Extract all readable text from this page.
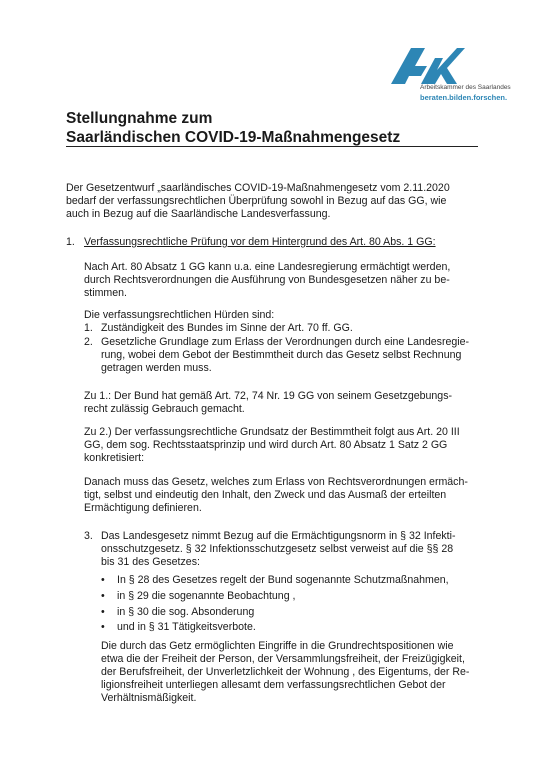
Arbeitskammer des Saarlandes
beraten.bilden.forschen.
Stellungnahme zum
Saarländischen COVID-19-Maßnahmengesetz
Der Gesetzentwurf „saarländisches COVID-19-Maßnahmengesetz vom 2.11.2020
bedarf der verfassungsrechtlichen Überprüfung sowohl in Bezug auf das GG, wie
auch in Bezug auf die Saarländische Landesverfassung.
1. Verfassungsrechtliche Prüfung vor dem Hintergrund des Art. 80 Abs. 1 GG:
Nach Art. 80 Absatz 1 GG kann u.a. eine Landesregierung ermächtigt werden,
durch Rechtsverordnungen die Ausführung von Bundesgesetzen näher zu be-
stimmen.
Die verfassungsrechtlichen Hürden sind:
1. Zuständigkeit des Bundes im Sinne der Art. 70 ff. GG.
2. Gesetzliche Grundlage zum Erlass der Verordnungen durch eine Landesregie-
rung, wobei dem Gebot der Bestimmtheit durch das Gesetz selbst Rechnung
getragen werden muss.
Zu 1.: Der Bund hat gemäß Art. 72, 74 Nr. 19 GG von seinem Gesetzgebungs-
recht zulässig Gebrauch gemacht.
Zu 2.) Der verfassungsrechtliche Grundsatz der Bestimmtheit folgt aus Art. 20 III
GG, dem sog. Rechtsstaatsprinzip und wird durch Art. 80 Absatz 1 Satz 2 GG
konkretisiert:
Danach muss das Gesetz, welches zum Erlass von Rechtsverordnungen ermäch-
tigt, selbst und eindeutig den Inhalt, den Zweck und das Ausmaß der erteilten
Ermächtigung definieren.
3. Das Landesgesetz nimmt Bezug auf die Ermächtigungsnorm in § 32 Infekti-
onsschutzgesetz. § 32 Infektionsschutzgesetz selbst verweist auf die §§ 28
bis 31 des Gesetzes:
• In § 28 des Gesetzes regelt der Bund sogenannte Schutzmaßnahmen,
• in § 29 die sogenannte Beobachtung ,
• in § 30 die sog. Absonderung
• und in § 31 Tätigkeitsverbote.
Die durch das Getz ermöglichten Eingriffe in die Grundrechtspositionen wie
etwa die der Freiheit der Person, der Versammlungsfreiheit, der Freizügigkeit,
der Berufsfreiheit, der Unverletzlichkeit der Wohnung , des Eigentums, der Re-
ligionsfreiheit unterliegen allesamt dem verfassungsrechtlichen Gebot der
Verhältnismäßigkeit.
